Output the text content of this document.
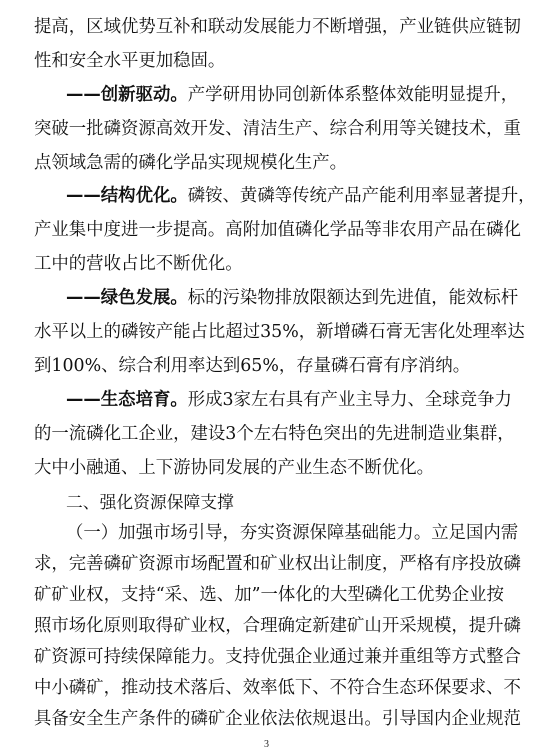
提高，区域优势互补和联动发展能力不断增强，产业链供应链韧
性和安全水平更加稳固。
——创新驱动。产学研用协同创新体系整体效能明显提升，
突破一批磷资源高效开发、清洁生产、综合利用等关键技术，重
点领域急需的磷化学品实现规模化生产。
——结构优化。磷铵、黄磷等传统产品产能利用率显著提升，
产业集中度进一步提高。高附加值磷化学品等非农用产品在磷化
工中的营收占比不断优化。
——绿色发展。标的污染物排放限额达到先进值，能效标杆
水平以上的磷铵产能占比超过35%，新增磷石膏无害化处理率达
到100%、综合利用率达到65%，存量磷石膏有序消纳。
——生态培育。形成3家左右具有产业主导力、全球竞争力
的一流磷化工企业，建设3个左右特色突出的先进制造业集群，
大中小融通、上下游协同发展的产业生态不断优化。
二、强化资源保障支撑
（一）加强市场引导，夯实资源保障基础能力。立足国内需
求，完善磷矿资源市场配置和矿业权出让制度，严格有序投放磷
矿矿业权，支持“采、选、加”一体化的大型磷化工优势企业按
照市场化原则取得矿业权，合理确定新建矿山开采规模，提升磷
矿资源可持续保障能力。支持优强企业通过兼并重组等方式整合
中小磷矿，推动技术落后、效率低下、不符合生态环保要求、不
3
具备安全生产条件的磷矿企业依法依规退出。引导国内企业规范
